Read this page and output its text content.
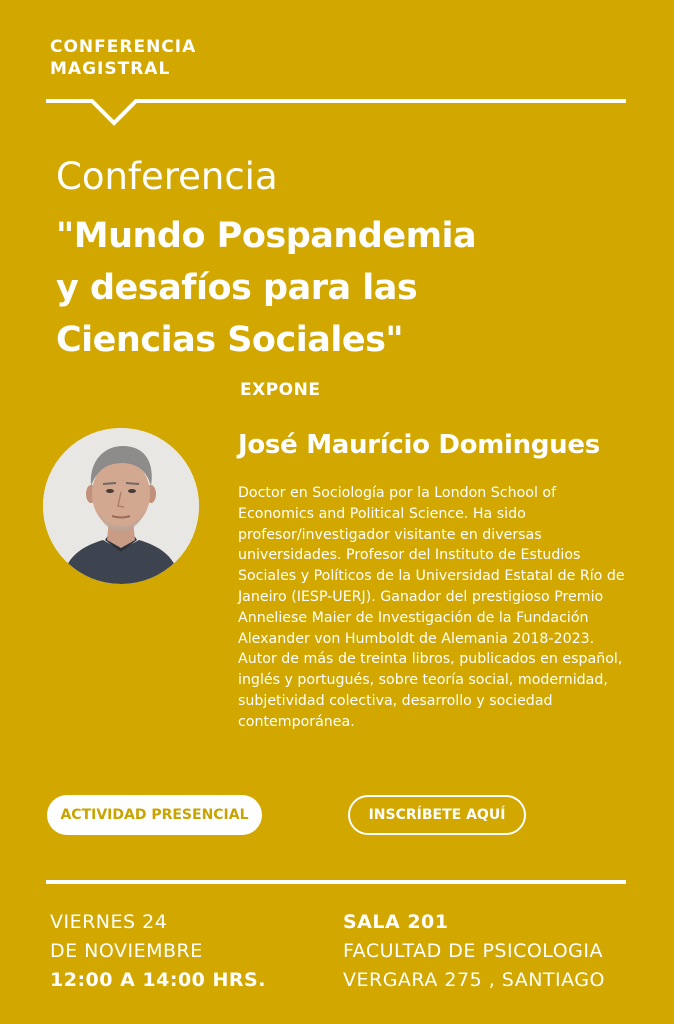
CONFERENCIA
MAGISTRAL
Conferencia
"Mundo Pospandemia
y desafíos para las
Ciencias Sociales"
EXPONE
José Maurício Domingues
Doctor en Sociología por la London School of Economics and Political Science. Ha sido profesor/investigador visitante en diversas universidades. Profesor del Instituto de Estudios Sociales y Políticos de la Universidad Estatal de Río de Janeiro (IESP-UERJ). Ganador del prestigioso Premio Anneliese Maier de Investigación de la Fundación Alexander von Humboldt de Alemania 2018-2023. Autor de más de treinta libros, publicados en español, inglés y portugués, sobre teoría social, modernidad, subjetividad colectiva, desarrollo y sociedad contemporánea.
ACTIVIDAD PRESENCIAL	INSCRÍBETE AQUÍ
VIERNES 24
DE NOVIEMBRE
12:00 A 14:00 HRS.
SALA 201
FACULTAD DE PSICOLOGIA
VERGARA 275 , SANTIAGO
